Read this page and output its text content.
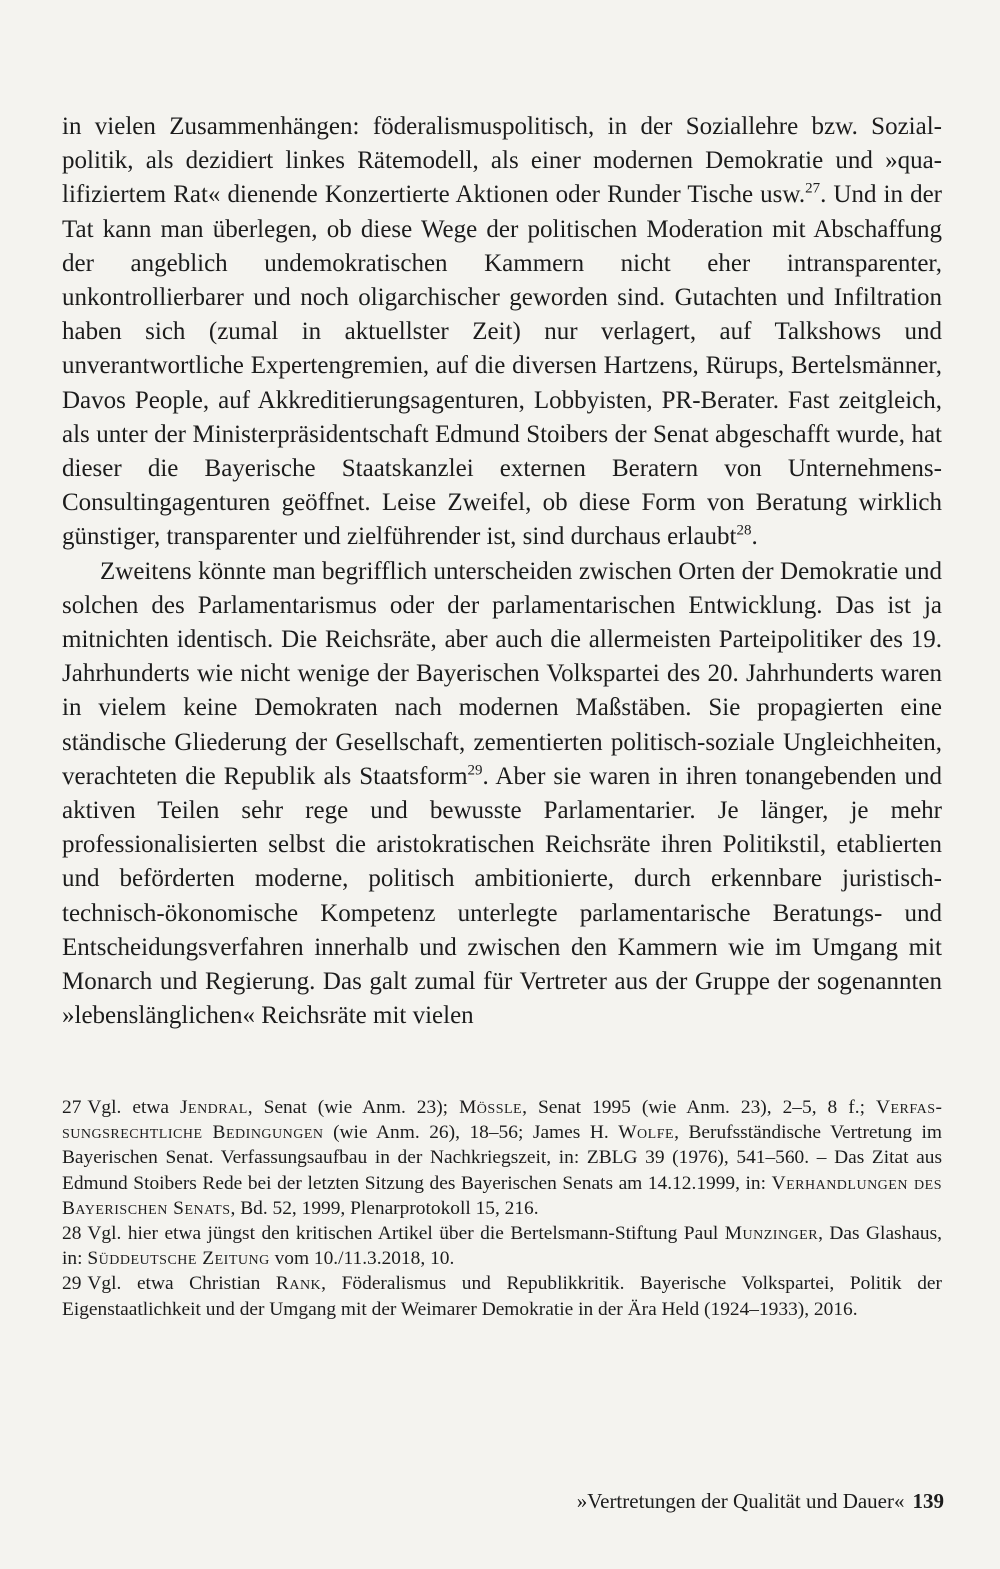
in vielen Zusammenhängen: föderalismuspolitisch, in der Soziallehre bzw. Sozialpolitik, als dezidiert linkes Rätemodell, als einer modernen Demokratie und »qualifiziertem Rat« dienende Konzertierte Aktionen oder Runder Tische usw.$^{27}$. Und in der Tat kann man überlegen, ob diese Wege der politischen Moderation mit Abschaffung der angeblich undemokratischen Kammern nicht eher intransparenter, unkontrollierbarer und noch oligarchischer geworden sind. Gutachten und Infiltration haben sich (zumal in aktuellster Zeit) nur verlagert, auf Talkshows und unverantwortliche Expertengremien, auf die diversen Hartzens, Rürups, Bertelsmänner, Davos People, auf Akkreditierungsagenturen, Lobbyisten, PR-Berater. Fast zeitgleich, als unter der Ministerpräsidentschaft Edmund Stoibers der Senat abgeschafft wurde, hat dieser die Bayerische Staatskanzlei externen Beratern von Unternehmens-Consultingagenturen geöffnet. Leise Zweifel, ob diese Form von Beratung wirklich günstiger, transparenter und zielführender ist, sind durchaus erlaubt$^{28}$.

Zweitens könnte man begrifflich unterscheiden zwischen Orten der Demokratie und solchen des Parlamentarismus oder der parlamentarischen Entwicklung. Das ist ja mitnichten identisch. Die Reichsräte, aber auch die allermeisten Parteipolitiker des 19. Jahrhunderts wie nicht wenige der Bayerischen Volkspartei des 20. Jahrhunderts waren in vielem keine Demokraten nach modernen Maßstäben. Sie propagierten eine ständische Gliederung der Gesellschaft, zementierten politisch-soziale Ungleichheiten, verachteten die Republik als Staatsform$^{29}$. Aber sie waren in ihren tonangebenden und aktiven Teilen sehr rege und bewusste Parlamentarier. Je länger, je mehr professionalisierten selbst die aristokratischen Reichsräte ihren Politikstil, etablierten und beförderten moderne, politisch ambitionierte, durch erkennbare juristisch-technisch-ökonomische Kompetenz unterlegte parlamentarische Beratungs- und Entscheidungsverfahren innerhalb und zwischen den Kammern wie im Umgang mit Monarch und Regierung. Das galt zumal für Vertreter aus der Gruppe der sogenannten »lebenslänglichen« Reichsräte mit vielen

27 Vgl. etwa Jendral, Senat (wie Anm. 23); Mössle, Senat 1995 (wie Anm. 23), 2–5, 8 f.; Verfassungsrechtliche Bedingungen (wie Anm. 26), 18–56; James H. Wolfe, Berufsständische Vertretung im Bayerischen Senat. Verfassungsaufbau in der Nachkriegszeit, in: ZBLG 39 (1976), 541–560. – Das Zitat aus Edmund Stoibers Rede bei der letzten Sitzung des Bayerischen Senats am 14.12.1999, in: Verhandlungen des Bayerischen Senats, Bd. 52, 1999, Plenarprotokoll 15, 216.

28 Vgl. hier etwa jüngst den kritischen Artikel über die Bertelsmann-Stiftung Paul Munzinger, Das Glashaus, in: Süddeutsche Zeitung vom 10./11.3.2018, 10.

29 Vgl. etwa Christian Rank, Föderalismus und Republikkritik. Bayerische Volkspartei, Politik der Eigenstaatlichkeit und der Umgang mit der Weimarer Demokratie in der Ära Held (1924–1933), 2016.

»Vertretungen der Qualität und Dauer« 139
